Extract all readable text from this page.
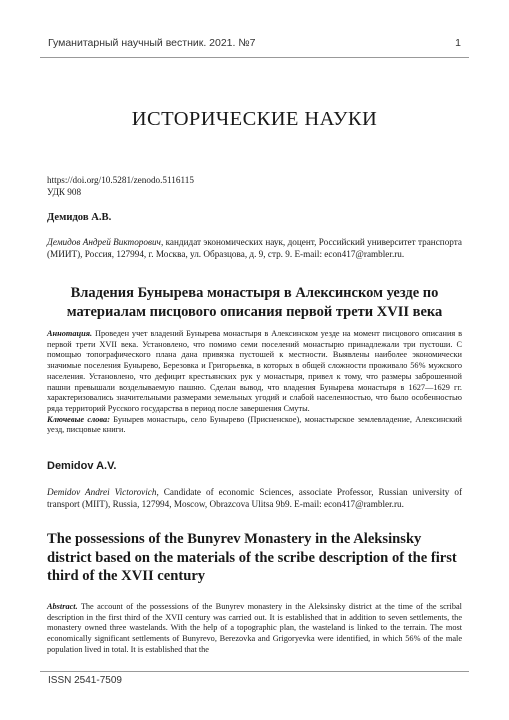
Гуманитарный научный вестник. 2021. №7	1
ИСТОРИЧЕСКИЕ НАУКИ
https://doi.org/10.5281/zenodo.5116115
УДК 908
Демидов А.В.
Демидов Андрей Викторович, кандидат экономических наук, доцент, Российский университет транспорта (МИИТ), Россия, 127994, г. Москва, ул. Образцова, д. 9, стр. 9. E-mail: econ417@rambler.ru.
Владения Бунырева монастыря в Алексинском уезде по материалам писцового описания первой трети XVII века
Аннотация. Проведен учет владений Бунырева монастыря в Алексинском уезде на момент писцового описания в первой трети XVII века. Установлено, что помимо семи поселений монастырю принадлежали три пустоши. С помощью топографического плана дана привязка пустошей к местности. Выявлены наиболее экономически значимые поселения Бунырево, Березовка и Григорьевка, в которых в общей сложности проживало 56% мужского населения. Установлено, что дефицит крестьянских рук у монастыря, привел к тому, что размеры заброшенной пашни превышали возделываемую пашню. Сделан вывод, что владения Бунырева монастыря в 1627—1629 гг. характеризовались значительными размерами земельных угодий и слабой населенностью, что было особенностью ряда территорий Русского государства в период после завершения Смуты.
Ключевые слова: Бунырев монастырь, село Бунырево (Присненское), монастырское землевладение, Алексинский уезд, писцовые книги.
Demidov A.V.
Demidov Andrei Victorovich, Candidate of economic Sciences, associate Professor, Russian university of transport (MIIT), Russia, 127994, Moscow, Obrazcova Ulitsa 9b9. E-mail: econ417@rambler.ru.
The possessions of the Bunyrev Monastery in the Aleksinsky district based on the materials of the scribe description of the first third of the XVII century
Abstract. The account of the possessions of the Bunyrev monastery in the Aleksinsky district at the time of the scribal description in the first third of the XVII century was carried out. It is established that in addition to seven settlements, the monastery owned three wastelands. With the help of a topographic plan, the wasteland is linked to the terrain. The most economically significant settlements of Bunyrevo, Berezovka and Grigoryevka were identified, in which 56% of the male population lived in total. It is established that the
ISSN 2541-7509
